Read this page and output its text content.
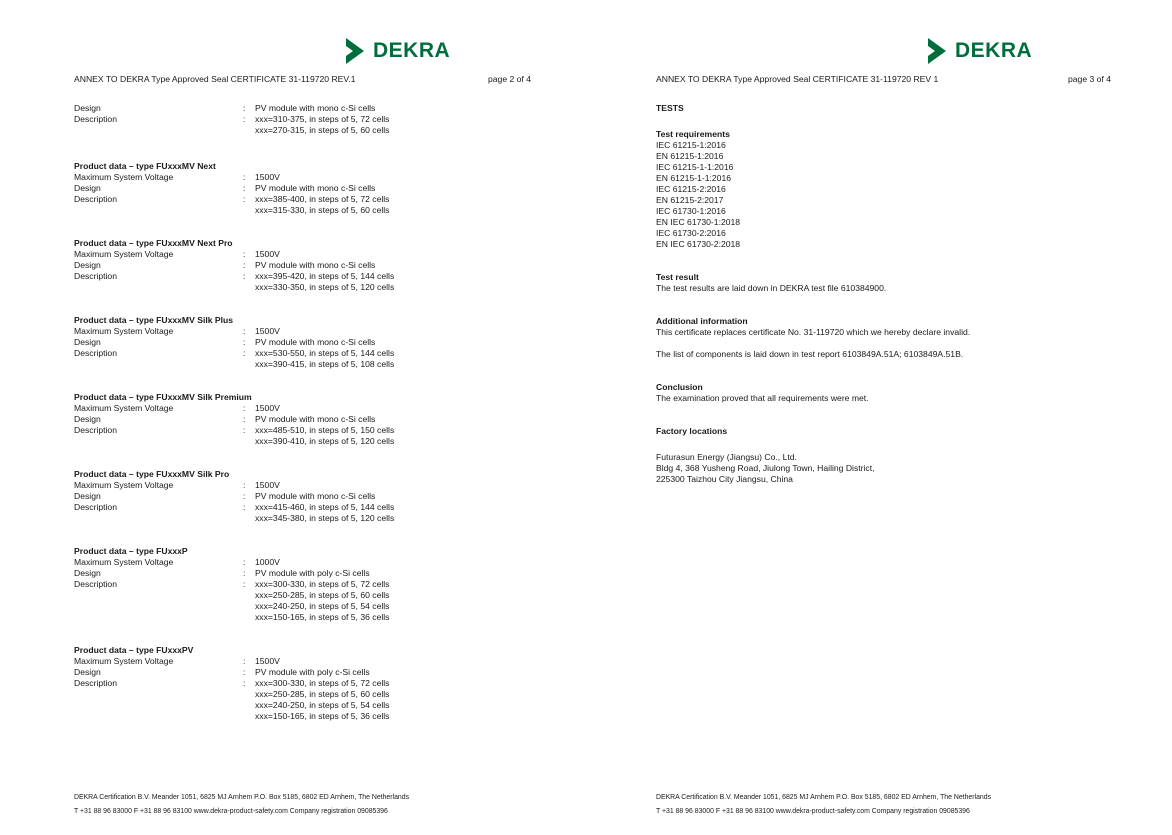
DEKRA
ANNEX TO DEKRA Type Approved Seal CERTIFICATE 31-119720 REV.1	page 2 of 4
Design	:	PV module with mono c-Si cells
Description	:	xxx=310-375, in steps of 5, 72 cells
xxx=270-315, in steps of 5, 60 cells
Product data – type FUxxxMV Next
Maximum System Voltage	:	1500V
Design	:	PV module with mono c-Si cells
Description	:	xxx=385-400, in steps of 5, 72 cells
xxx=315-330, in steps of 5, 60 cells
Product data – type FUxxxMV Next Pro
Maximum System Voltage	:	1500V
Design	:	PV module with mono c-Si cells
Description	:	xxx=395-420, in steps of 5, 144 cells
xxx=330-350, in steps of 5, 120 cells
Product data – type FUxxxMV Silk Plus
Maximum System Voltage	:	1500V
Design	:	PV module with mono c-Si cells
Description	:	xxx=530-550, in steps of 5, 144 cells
xxx=390-415, in steps of 5, 108 cells
Product data – type FUxxxMV Silk Premium
Maximum System Voltage	:	1500V
Design	:	PV module with mono c-Si cells
Description	:	xxx=485-510, in steps of 5, 150 cells
xxx=390-410, in steps of 5, 120 cells
Product data – type FUxxxMV Silk Pro
Maximum System Voltage	:	1500V
Design	:	PV module with mono c-Si cells
Description	:	xxx=415-460, in steps of 5, 144 cells
xxx=345-380, in steps of 5, 120 cells
Product data – type FUxxxP
Maximum System Voltage	:	1000V
Design	:	PV module with poly c-Si cells
Description	:	xxx=300-330, in steps of 5, 72 cells
xxx=250-285, in steps of 5, 60 cells
xxx=240-250, in steps of 5, 54 cells
xxx=150-165, in steps of 5, 36 cells
Product data – type FUxxxPV
Maximum System Voltage	:	1500V
Design	:	PV module with poly c-Si cells
Description	:	xxx=300-330, in steps of 5, 72 cells
xxx=250-285, in steps of 5, 60 cells
xxx=240-250, in steps of 5, 54 cells
xxx=150-165, in steps of 5, 36 cells
DEKRA Certification B.V. Meander 1051, 6825 MJ Arnhem P.O. Box 5185, 6802 ED Arnhem, The Netherlands
T +31 88 96 83000 F +31 88 96 83100 www.dekra-product-safety.com Company registration 09085396
DEKRA
ANNEX TO DEKRA Type Approved Seal CERTIFICATE 31-119720 REV 1	page 3 of 4
TESTS
Test requirements
IEC 61215-1:2016
EN 61215-1:2016
IEC 61215-1-1:2016
EN 61215-1-1:2016
IEC 61215-2:2016
EN 61215-2:2017
IEC 61730-1:2016
EN IEC 61730-1:2018
IEC 61730-2:2016
EN IEC 61730-2:2018
Test result
The test results are laid down in DEKRA test file 610384900.
Additional information
This certificate replaces certificate No. 31-119720 which we hereby declare invalid.
The list of components is laid down in test report 6103849A.51A; 6103849A.51B.
Conclusion
The examination proved that all requirements were met.
Factory locations
Futurasun Energy (Jiangsu) Co., Ltd.
Bldg 4, 368 Yusheng Road, Jiulong Town, Hailing District,
225300 Taizhou City Jiangsu, China
DEKRA Certification B.V. Meander 1051, 6825 MJ Arnhem P.O. Box 5185, 6802 ED Arnhem, The Netherlands
T +31 88 96 83000 F +31 88 96 83100 www.dekra-product-safety.com Company registration 09085396
